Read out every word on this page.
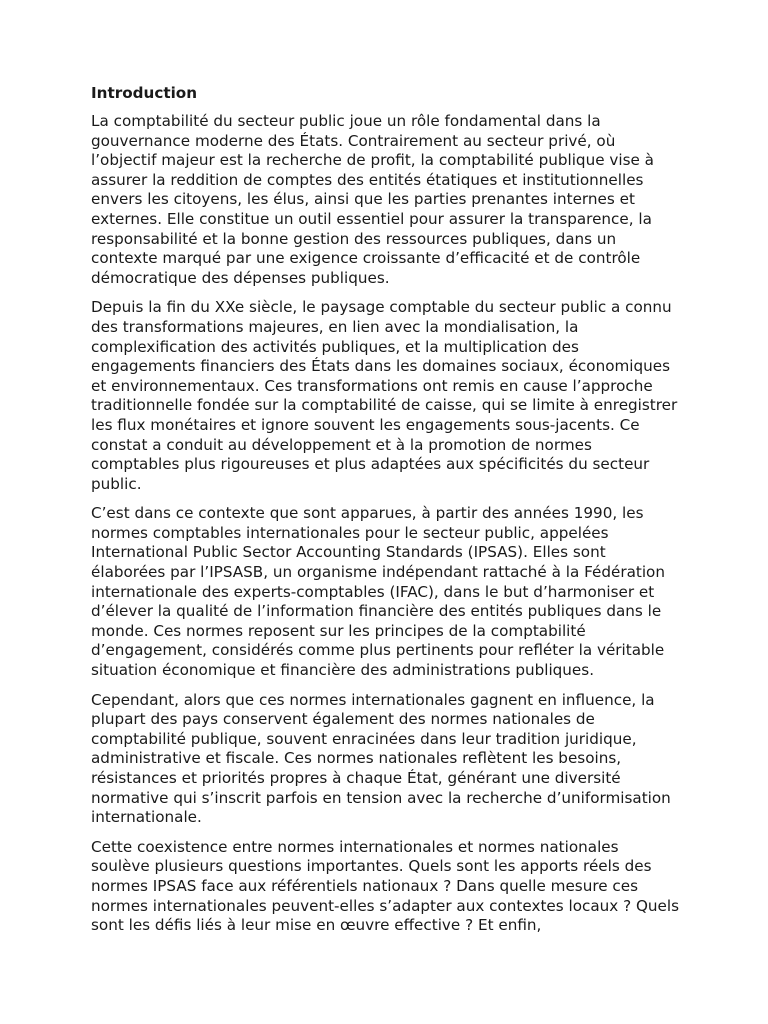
Introduction

La comptabilité du secteur public joue un rôle fondamental dans la gouvernance moderne des États. Contrairement au secteur privé, où l’objectif majeur est la recherche de profit, la comptabilité publique vise à assurer la reddition de comptes des entités étatiques et institutionnelles envers les citoyens, les élus, ainsi que les parties prenantes internes et externes. Elle constitue un outil essentiel pour assurer la transparence, la responsabilité et la bonne gestion des ressources publiques, dans un contexte marqué par une exigence croissante d’efficacité et de contrôle démocratique des dépenses publiques.

Depuis la fin du XXe siècle, le paysage comptable du secteur public a connu des transformations majeures, en lien avec la mondialisation, la complexification des activités publiques, et la multiplication des engagements financiers des États dans les domaines sociaux, économiques et environnementaux. Ces transformations ont remis en cause l’approche traditionnelle fondée sur la comptabilité de caisse, qui se limite à enregistrer les flux monétaires et ignore souvent les engagements sous-jacents. Ce constat a conduit au développement et à la promotion de normes comptables plus rigoureuses et plus adaptées aux spécificités du secteur public.

C’est dans ce contexte que sont apparues, à partir des années 1990, les normes comptables internationales pour le secteur public, appelées International Public Sector Accounting Standards (IPSAS). Elles sont élaborées par l’IPSASB, un organisme indépendant rattaché à la Fédération internationale des experts-comptables (IFAC), dans le but d’harmoniser et d’élever la qualité de l’information financière des entités publiques dans le monde. Ces normes reposent sur les principes de la comptabilité d’engagement, considérés comme plus pertinents pour refléter la véritable situation économique et financière des administrations publiques.

Cependant, alors que ces normes internationales gagnent en influence, la plupart des pays conservent également des normes nationales de comptabilité publique, souvent enracinées dans leur tradition juridique, administrative et fiscale. Ces normes nationales reflètent les besoins, résistances et priorités propres à chaque État, générant une diversité normative qui s’inscrit parfois en tension avec la recherche d’uniformisation internationale.

Cette coexistence entre normes internationales et normes nationales soulève plusieurs questions importantes. Quels sont les apports réels des normes IPSAS face aux référentiels nationaux ? Dans quelle mesure ces normes internationales peuvent-elles s’adapter aux contextes locaux ? Quels sont les défis liés à leur mise en œuvre effective ? Et enfin,
